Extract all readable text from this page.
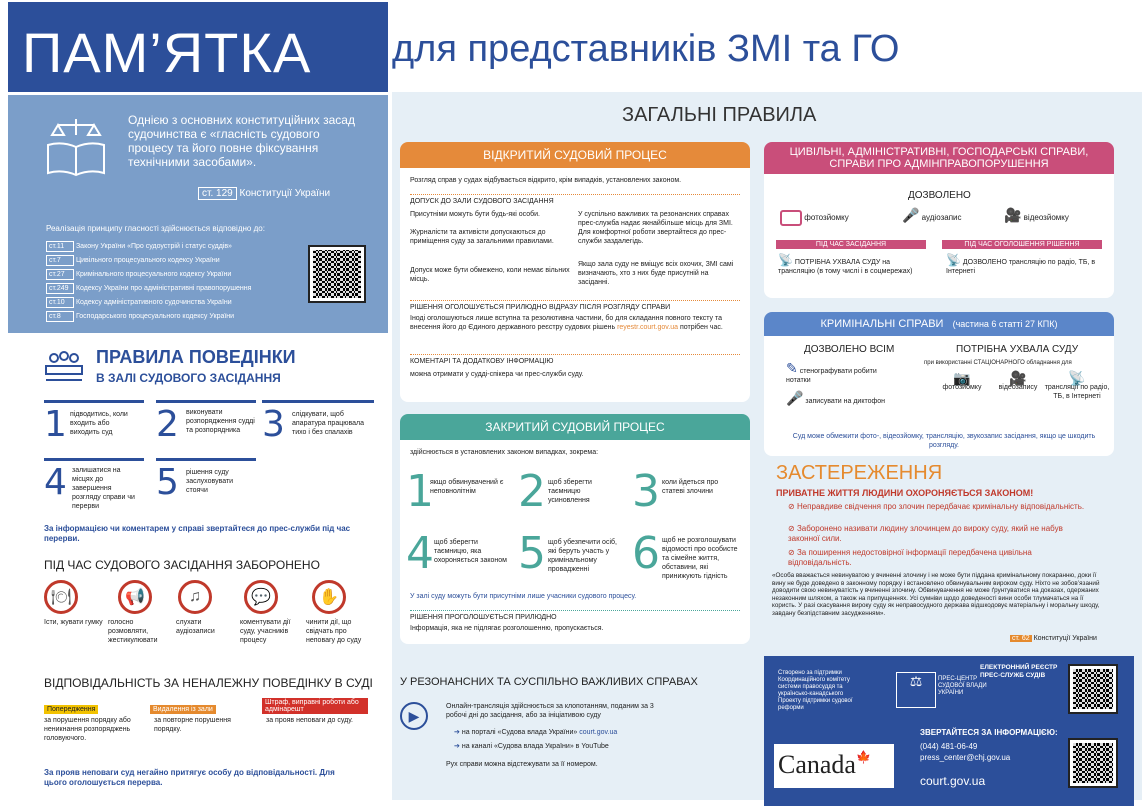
ПАМ’ЯТКА	для представників ЗМІ та ГО
Однією з основних конституційних засад судочинства є «гласність судового процесу та його повне фіксування технічними засобами».
ст. 129 Конституції України
Реалізація принципу гласності здійснюється відповідно до:
ст.11 Закону України «Про судоустрій і статус суддів»
ст.7 Цивільного процесуального кодексу України
ст.27 Кримінального процесуального кодексу України
ст.249 Кодексу України про адміністративні правопорушення
ст.10 Кодексу адміністративного судочинства України
ст.8 Господарського процесуального кодексу України
ПРАВИЛА ПОВЕДІНКИ
В ЗАЛІ СУДОВОГО ЗАСІДАННЯ
1 підводитись, коли входить або виходить суд	2 виконувати розпорядження судді та розпорядника 3 слідкувати, щоб апаратура працювала тихо і без спалахів
4 залишатися на місцях до завершення розгляду справи чи перерви
5 рішення суду заслуховувати стоячи
За інформацією чи коментарем у справі звертайтеся до прес-служби під час перерви.
ПІД ЧАС СУДОВОГО ЗАСІДАННЯ ЗАБОРОНЕНО
🍽
їсти, жувати гумку
📢
голосно розмовляти, жестикулювати
♫
слухати аудіозаписи
💬
коментувати дії суду, учасників процесу
✋
чинити дії, що свідчать про неповагу до суду
ВІДПОВІДАЛЬНІСТЬ ЗА НЕНАЛЕЖНУ ПОВЕДІНКУ В СУДІ
Попередження
за порушення порядку або неникнання розпоряджень головуючого.
Видалення із зали
за повторне порушення порядку.
Штраф, виправні роботи або адмінарешт
за прояв неповаги до суду.
За прояв неповаги суд негайно притягує особу до відповідальності. Для цього оголошується перерва.
ЗАГАЛЬНІ ПРАВИЛА
ВІДКРИТИЙ СУДОВИЙ ПРОЦЕС
Розгляд справ у судах відбувається відкрито, крім випадків, установлених законом.
ДОПУСК ДО ЗАЛИ СУДОВОГО ЗАСІДАННЯ
Присутніми можуть бути будь-які особи.
Журналісти та активісти допускаються до приміщення суду за загальними правилами.
Допуск може бути обмежено, коли немає вільних місць.
У суспільно важливих та резонансних справах прес-служба надає якнайбільше місць для ЗМІ. Для комфортної роботи звертайтеся до прес-служби заздалегідь.
Якщо зала суду не вміщує всіх охочих, ЗМІ самі визначають, хто з них буде присутній на засіданні.
РІШЕННЯ ОГОЛОШУЄТЬСЯ ПРИЛЮДНО ВІДРАЗУ ПІСЛЯ РОЗГЛЯДУ СПРАВИ
Іноді оголошуються лише вступна та резолютивна частини, бо для складання повного тексту та внесення його до Єдиного державного реєстру судових рішень reyestr.court.gov.ua потрібен час.
КОМЕНТАРІ ТА ДОДАТКОВУ ІНФОРМАЦІЮ
можна отримати у судді-спікера чи прес-служби суду.
ЗАКРИТИЙ СУДОВИЙ ПРОЦЕС
здійснюється в установлених законом випадках, зокрема:
1
якщо обвинувачений є неповнолітнім 2 щоб зберегти таємницю усиновлення 3 коли йдеться про статеві злочини
4 щоб зберегти таємницю, яка охороняється законом 5 щоб убезпечити осіб, які беруть участь у кримінальному провадженні 6 щоб не розголошувати відомості про особисте та сімейне життя, обставини, які принижують гідність
У залі суду можуть бути присутніми лише учасники судового процесу.
РІШЕННЯ ПРОГОЛОШУЄТЬСЯ ПРИЛЮДНО
Інформація, яка не підлягає розголошенню, пропускається.
ЦИВІЛЬНІ, АДМІНІСТРАТИВНІ, ГОСПОДАРСЬКІ СПРАВИ, СПРАВИ ПРО АДМІНПРАВОПОРУШЕННЯ
ДОЗВОЛЕНО
фотозйомку	🎤 аудіозапис	🎥 відеозйомку
ПІД ЧАС ЗАСІДАННЯ	ПІД ЧАС ОГОЛОШЕННЯ РІШЕННЯ
📡 ПОТРІБНА УХВАЛА СУДУ на трансляцію (в тому числі і в соцмережах)
📡 ДОЗВОЛЕНО трансляцію по радіо, ТБ, в Інтернеті
КРИМІНАЛЬНІ СПРАВИ (частина 6 статті 27 КПК)
ДОЗВОЛЕНО ВСІМ	ПОТРІБНА УХВАЛА СУДУ
при використанні СТАЦІОНАРНОГО обладнання для
✎ стенографувати робити нотатки
🎤 записувати на диктофон
📷
фотозйомку
🎥
відеозапису
📡
трансляції по радіо, ТБ, в Інтернеті
Суд може обмежити фото-, відеозйомку, трансляцію, звукозапис засідання, якщо це шкодить розгляду.
ЗАСТЕРЕЖЕННЯ
ПРИВАТНЕ ЖИТТЯ ЛЮДИНИ ОХОРОНЯЄТЬСЯ ЗАКОНОМ!
⊘ Неправдиве свідчення про злочин передбачає кримінальну відповідальність.
⊘ Заборонено називати людину злочинцем до вироку суду, який не набув законної сили.
⊘ За поширення недостовірної інформації передбачена цивільна відповідальність.
«Особа вважається невинуватою у вчиненні злочину і не може бути піддана кримінальному покаранню, доки її вину не буде доведено в законному порядку і встановлено обвинувальним вироком суду. Ніхто не зобов’язаний доводити свою невинуватість у вчиненні злочину. Обвинувачення не може ґрунтуватися на доказах, одержаних незаконним шляхом, а також на припущеннях. Усі сумніви щодо доведеності вини особи тлумачаться на її користь. У разі скасування вироку суду як неправосудного держава відшкодовує матеріальну і моральну шкоду, завдану безпідставним засудженням».
ст. 62 Конституції України
У РЕЗОНАНСНИХ ТА СУСПІЛЬНО ВАЖЛИВИХ СПРАВАХ
▶
Онлайн-трансляція здійснюється за клопотанням, поданим за 3 робочі дні до засідання, або за ініціативою суду
➔ на порталі «Судова влада України» court.gov.ua
➔ на каналі «Судова влада України» в YouTube
Рух справи можна відстежувати за її номером.
Створено за підтримки Координаційного комітету системи правосуддя та українсько-канадського Проекту підтримки судової реформи
⚖	ПРЕС-ЦЕНТР СУДОВОЇ ВЛАДИ УКРАЇНИ
ЕЛЕКТРОННИЙ РЕЄСТР ПРЕС-СЛУЖБ СУДІВ
ЗВЕРТАЙТЕСЯ ЗА ІНФОРМАЦІЄЮ:
(044) 481-06-49
press_center@chj.gov.ua
court.gov.ua
Canada🍁
